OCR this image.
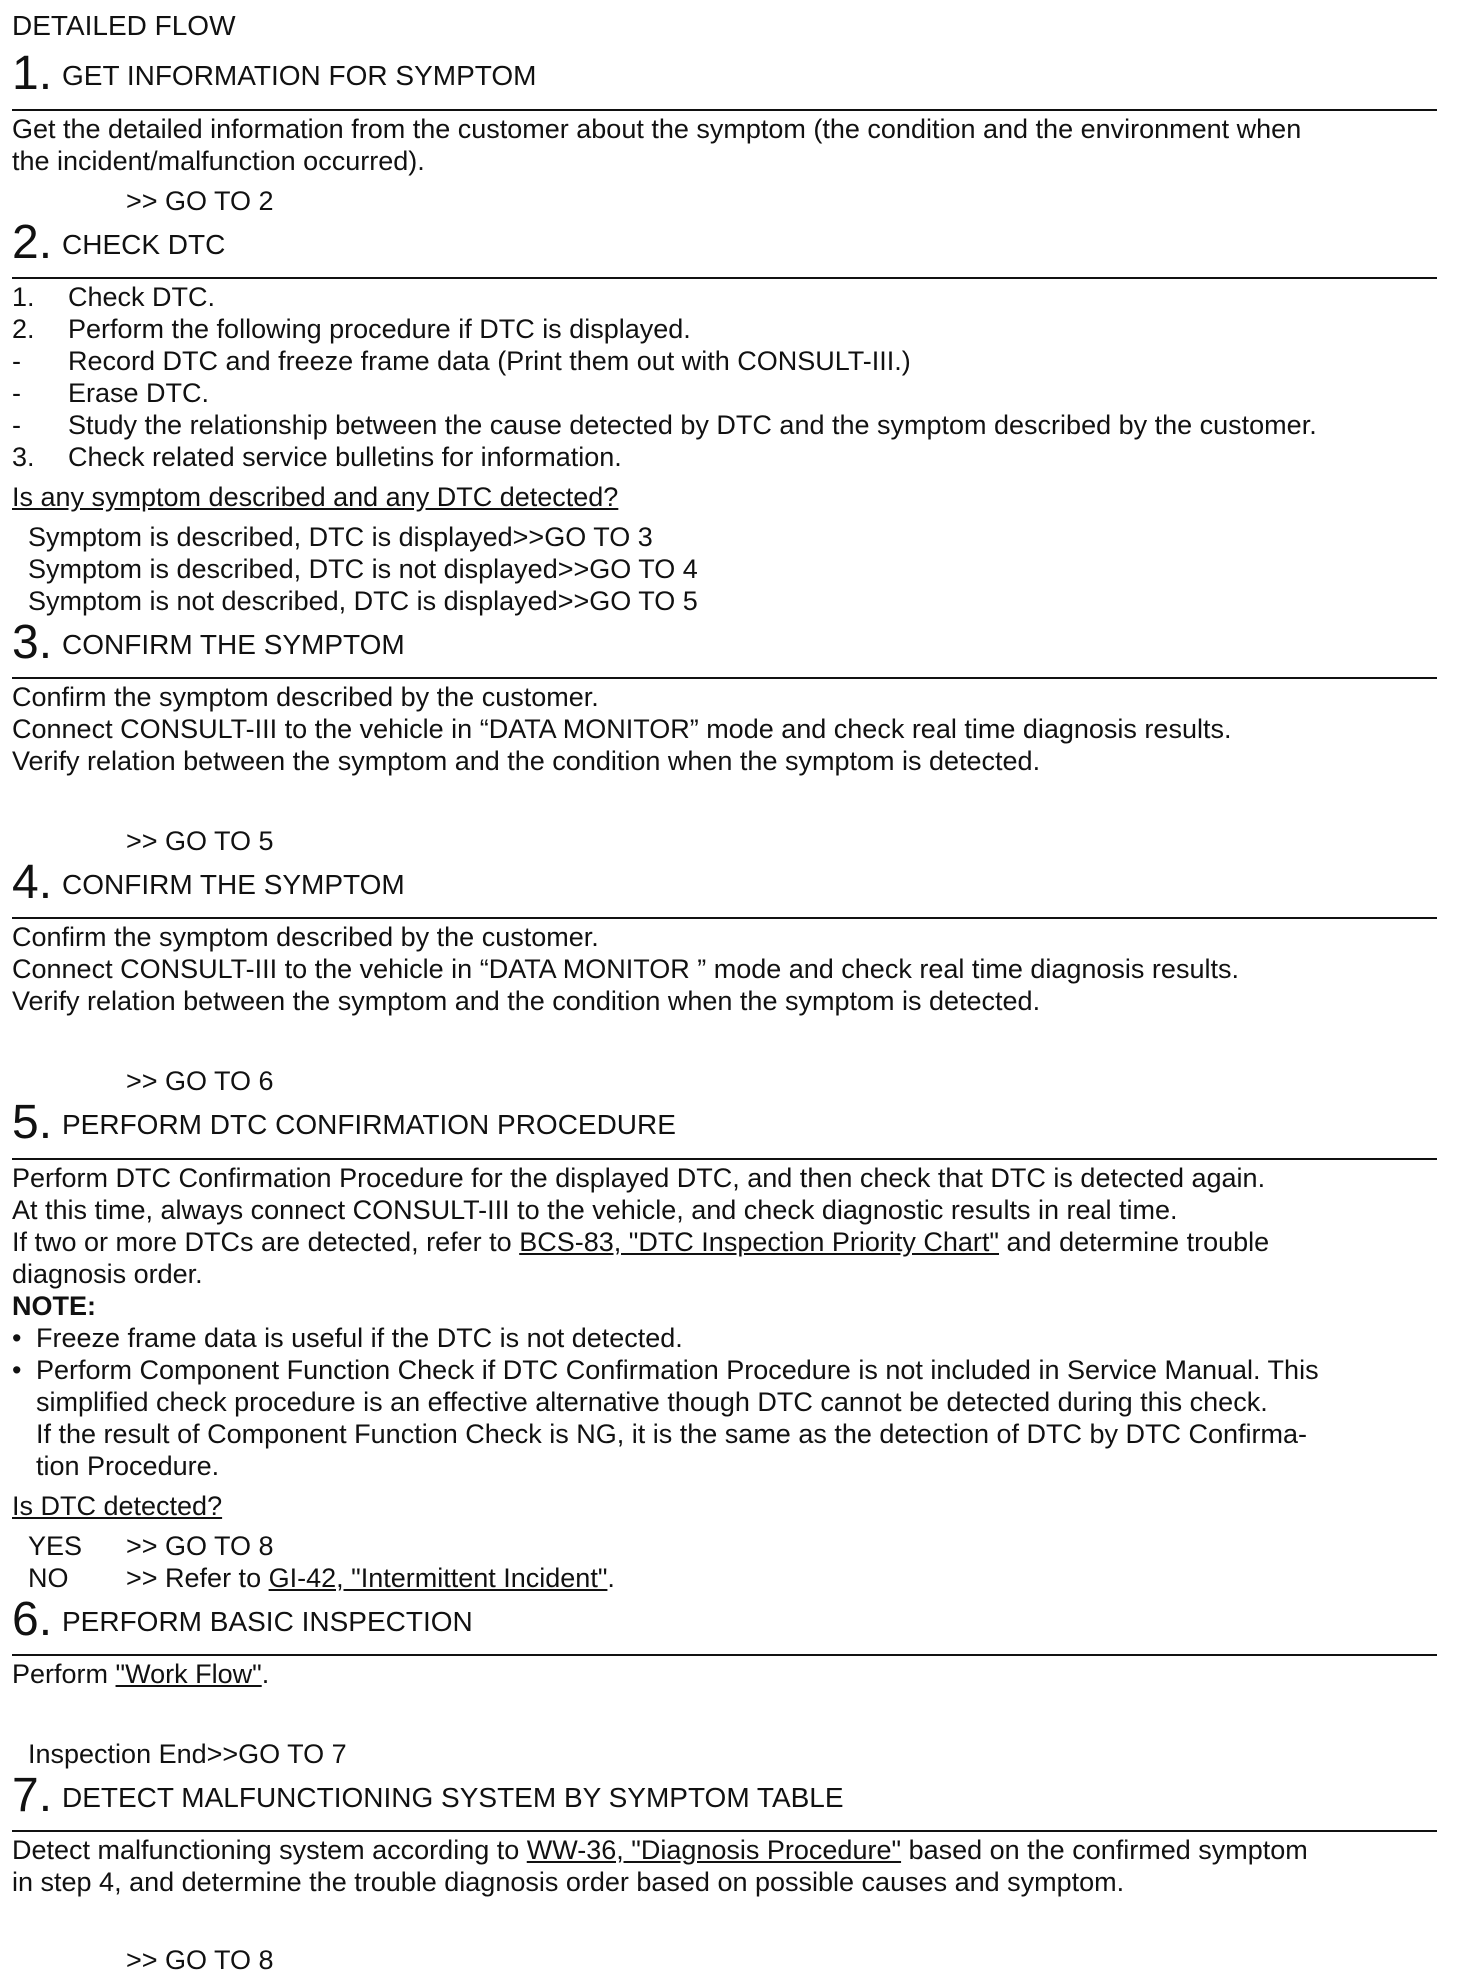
DETAILED FLOW
1. GET INFORMATION FOR SYMPTOM
Get the detailed information from the customer about the symptom (the condition and the environment when
the incident/malfunction occurred).
>> GO TO 2
2. CHECK DTC
1. Check DTC.
2. Perform the following procedure if DTC is displayed.
- Record DTC and freeze frame data (Print them out with CONSULT-III.)
- Erase DTC.
- Study the relationship between the cause detected by DTC and the symptom described by the customer.
3. Check related service bulletins for information.
Is any symptom described and any DTC detected?
Symptom is described, DTC is displayed>>GO TO 3
Symptom is described, DTC is not displayed>>GO TO 4
Symptom is not described, DTC is displayed>>GO TO 5
3. CONFIRM THE SYMPTOM
Confirm the symptom described by the customer.
Connect CONSULT-III to the vehicle in “DATA MONITOR” mode and check real time diagnosis results.
Verify relation between the symptom and the condition when the symptom is detected.
>> GO TO 5
4. CONFIRM THE SYMPTOM
Confirm the symptom described by the customer.
Connect CONSULT-III to the vehicle in “DATA MONITOR ” mode and check real time diagnosis results.
Verify relation between the symptom and the condition when the symptom is detected.
>> GO TO 6
5. PERFORM DTC CONFIRMATION PROCEDURE
Perform DTC Confirmation Procedure for the displayed DTC, and then check that DTC is detected again.
At this time, always connect CONSULT-III to the vehicle, and check diagnostic results in real time.
If two or more DTCs are detected, refer to BCS-83, "DTC Inspection Priority Chart" and determine trouble
diagnosis order.
NOTE:
• Freeze frame data is useful if the DTC is not detected.
• Perform Component Function Check if DTC Confirmation Procedure is not included in Service Manual. This
simplified check procedure is an effective alternative though DTC cannot be detected during this check.
If the result of Component Function Check is NG, it is the same as the detection of DTC by DTC Confirma-
tion Procedure.
Is DTC detected?
YES >> GO TO 8
NO >> Refer to GI-42, "Intermittent Incident".
6. PERFORM BASIC INSPECTION
Perform "Work Flow".
Inspection End>>GO TO 7
7. DETECT MALFUNCTIONING SYSTEM BY SYMPTOM TABLE
Detect malfunctioning system according to WW-36, "Diagnosis Procedure" based on the confirmed symptom
in step 4, and determine the trouble diagnosis order based on possible causes and symptom.
>> GO TO 8
